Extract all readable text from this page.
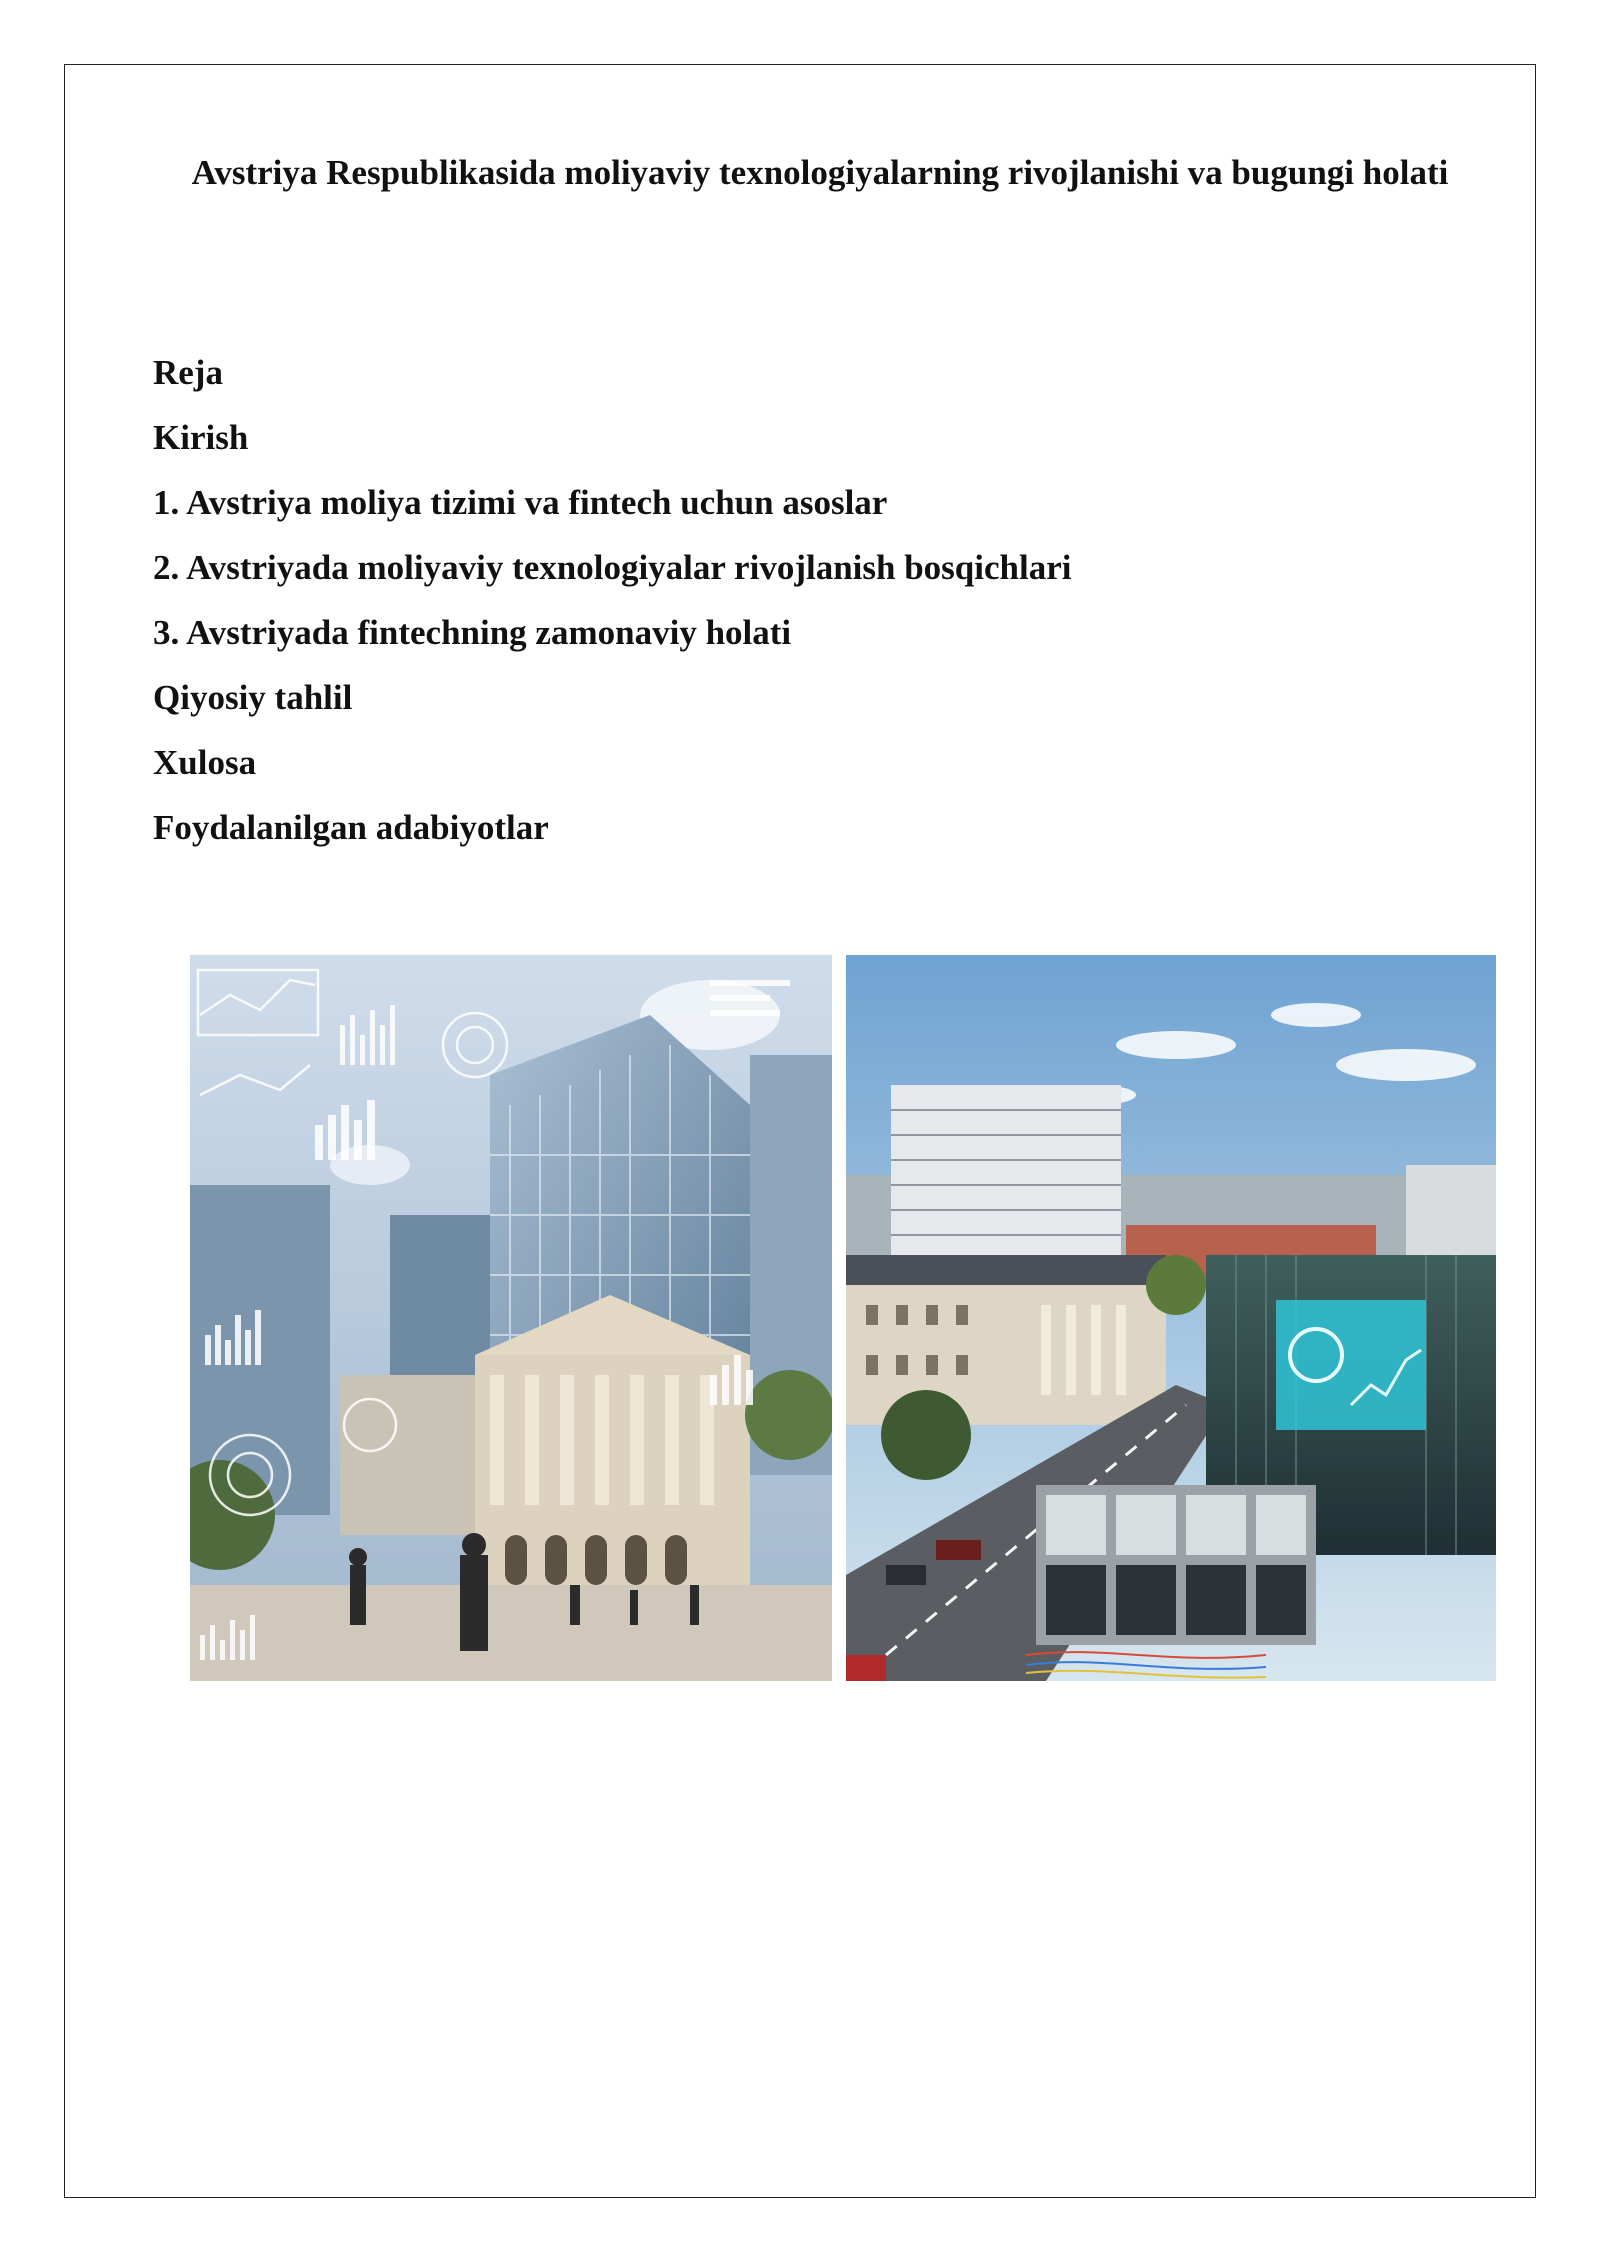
Avstriya Respublikasida moliyaviy texnologiyalarning rivojlanishi va bugungi holati
Reja
Kirish
1. Avstriya moliya tizimi va fintech uchun asoslar
2. Avstriyada moliyaviy texnologiyalar rivojlanish bosqichlari
3. Avstriyada fintechning zamonaviy holati
Qiyosiy tahlil
Xulosa
Foydalanilgan adabiyotlar
